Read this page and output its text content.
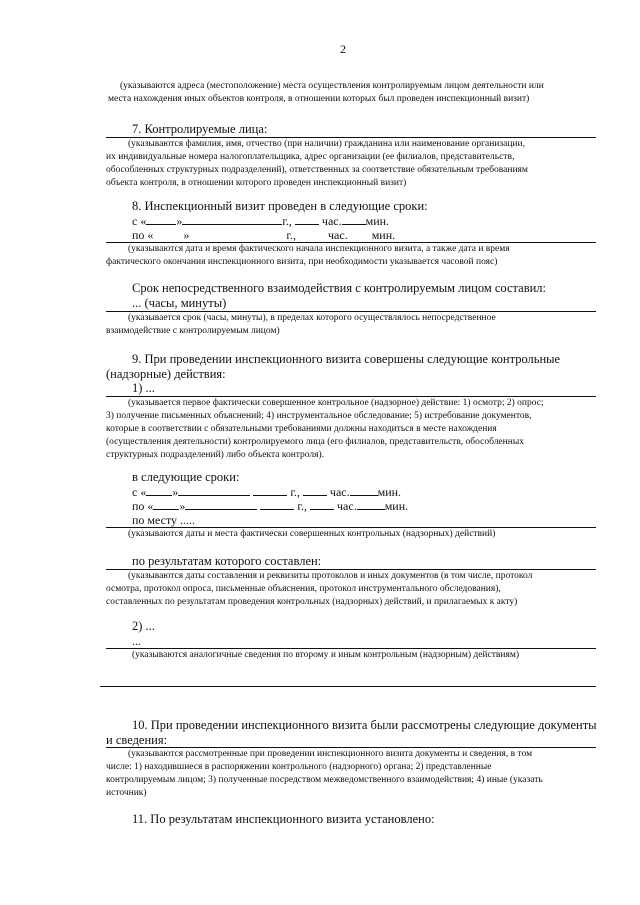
2
(указываются адреса (местоположение) места осуществления контролируемым лицом деятельности или
места нахождения иных объектов контроля, в отношении которых был проведен инспекционный визит)
7. Контролируемые лица:
(указываются фамилия, имя, отчество (при наличии) гражданина или наименование организации,
их индивидуальные номера налогоплательщика, адрес организации (ее филиалов, представительств,
обособленных структурных подразделений), ответственных за соответствие обязательным требованиям
объекта контроля, в отношении которого проведен инспекционный визит)
8. Инспекционный визит проведен в следующие сроки:
с «	»	г.,	час. мин.
по «	»	г.,	час. мин.
(указываются дата и время фактического начала инспекционного визита, а также дата и время
фактического окончания инспекционного визита, при необходимости указывается часовой пояс)
Срок непосредственного взаимодействия с контролируемым лицом составил:
... (часы, минуты)
(указывается срок (часы, минуты), в пределах которого осуществлялось непосредственное
взаимодействие с контролируемым лицом)
9. При проведении инспекционного визита совершены следующие контрольные
(надзорные) действия:
1) ...
(указывается первое фактически совершенное контрольное (надзорное) действие: 1) осмотр; 2) опрос;
3) получение письменных объяснений; 4) инструментальное обследование; 5) истребование документов,
которые в соответствии с обязательными требованиями должны находиться в месте нахождения
(осуществления деятельности) контролируемого лица (его филиалов, представительств, обособленных
структурных подразделений) либо объекта контроля).
в следующие сроки:
с « »	г.,	час. мин.
по « »	г.,	час. мин.
по месту .....
(указываются даты и места фактически совершенных контрольных (надзорных) действий)
по результатам которого составлен:
(указываются даты составления и реквизиты протоколов и иных документов (в том числе, протокол
осмотра, протокол опроса, письменные объяснения, протокол инструментального обследования),
составленных по результатам проведения контрольных (надзорных) действий, и прилагаемых к акту)
2) ...
...
(указываются аналогичные сведения по второму и иным контрольным (надзорным) действиям)
10. При проведении инспекционного визита были рассмотрены следующие документы
и сведения:
(указываются рассмотренные при проведении инспекционного визита документы и сведения, в том
числе: 1) находившиеся в распоряжении контрольного (надзорного) органа; 2) представленные
контролируемым лицом; 3) полученные посредством межведомственного взаимодействия; 4) иные (указать
источник)
11. По результатам инспекционного визита установлено:
